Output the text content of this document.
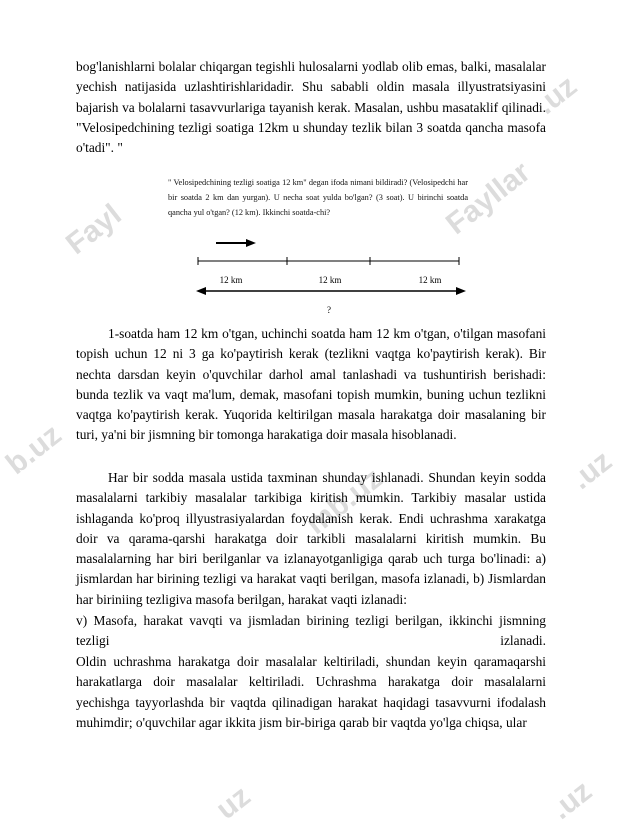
Fayl	Fayllar
.uz
b.uz
mb.uz	.uz
uz	.uz
bog'lanishlarni bolalar chiqargan tegishli hulosalarni yodlab olib emas, balki, masalalar yechish natijasida uzlashtirishlaridadir. Shu sababli oldin masala illyustratsiyasini bajarish va bolalarni tasavvurlariga tayanish kerak. Masalan, ushbu masataklif qilinadi. "Velosipedchining tezligi soatiga 12km u shunday tezlik bilan 3 soatda qancha masofa o'tadi". "
" Velosipedchining tezligi soatiga 12 km" degan ifoda nimani bildiradi? (Velosipedchi har bir soatda 2 km dan yurgan). U necha soat yulda bo'lgan? (3 soat). U birinchi soatda qancha yul o'tgan? (12 km). Ikkinchi soatda-chi?
12 km	12 km	12 km
?
1-soatda ham 12 km o'tgan, uchinchi soatda ham 12 km o'tgan, o'tilgan masofani topish uchun 12 ni 3 ga ko'paytirish kerak (tezlikni vaqtga ko'paytirish kerak). Bir nechta darsdan keyin o'quvchilar darhol amal tanlashadi va tushuntirish berishadi: bunda tezlik va vaqt ma'lum, demak, masofani topish mumkin, buning uchun tezlikni vaqtga ko'paytirish kerak. Yuqorida keltirilgan masala harakatga doir masalaning bir turi, ya'ni bir jismning bir tomonga harakatiga doir masala hisoblanadi.
Har bir sodda masala ustida taxminan shunday ishlanadi. Shundan keyin sodda masalalarni tarkibiy masalalar tarkibiga kiritish mumkin. Tarkibiy masalar ustida ishlaganda ko'proq illyustrasiyalardan foydalanish kerak. Endi uchrashma xarakatga doir va qarama-qarshi harakatga doir tarkibli masalalarni kiritish mumkin. Bu masalalarning har biri berilganlar va izlanayotganligiga qarab uch turga bo'linadi: a) jismlardan har birining tezligi va harakat vaqti berilgan, masofa izlanadi, b) Jismlardan har biriniing tezligiva masofa berilgan, harakat vaqti izlanadi:
v) Masofa, harakat vavqti va jismladan birining tezligi berilgan, ikkinchi jismning tezligi izlanadi.
Oldin uchrashma harakatga doir masalalar keltiriladi, shundan keyin qaramaqarshi harakatlarga doir masalalar keltiriladi. Uchrashma harakatga doir masalalarni yechishga tayyorlashda bir vaqtda qilinadigan harakat haqidagi tasavvurni ifodalash muhimdir; o'quvchilar agar ikkita jism bir-biriga qarab bir vaqtda yo'lga chiqsa, ular
